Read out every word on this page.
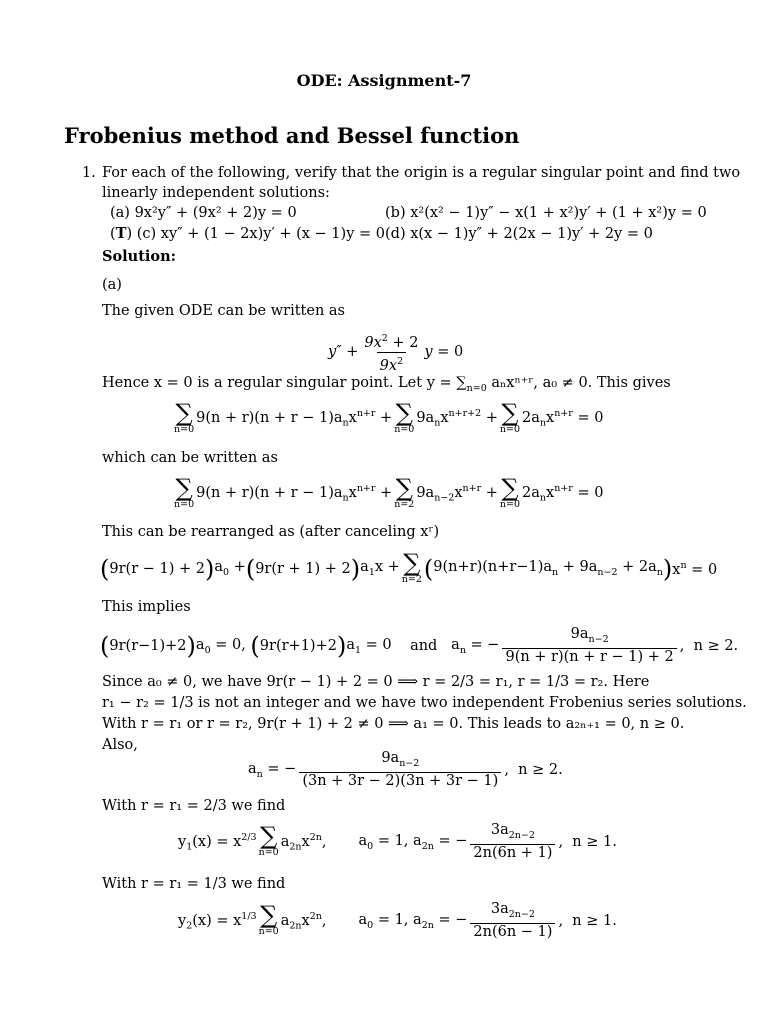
ODE: Assignment-7
Frobenius method and Bessel function
1. For each of the following, verify that the origin is a regular singular point and find two
linearly independent solutions:
(a) 9x²y″ + (9x² + 2)y = 0	(b) x²(x² − 1)y″ − x(1 + x²)y′ + (1 + x²)y = 0
(T) (c) xy″ + (1 − 2x)y′ + (x − 1)y = 0 (d) x(x − 1)y″ + 2(2x − 1)y′ + 2y = 0
Solution:
(a)
The given ODE can be written as
$y'' + \frac{9x^2 + 2}{9x^2}$ y = 0
Hence x = 0 is a regular singular point. Let $y = \sum_{n=0}$ aₙxⁿ⁺ʳ, a₀ ≠ 0. This gives
∑
n=0
$9(n + r)(n + r - 1)a_nx^{n+r}$ + ∑
n=0
$9a_nx^{n+r+2}$ + ∑
n=0
$2a_nx^{n+r} = 0$
which can be written as
∑
n=0
$9(n + r)(n + r - 1)a_nx^{n+r}$ + ∑
n=2
$9a_{n-2}x^{n+r}$ + ∑
n=0
$2a_nx^{n+r} = 0$
This can be rearranged as (after canceling xʳ)
( 9r(r − 1) + 2 ) $a_0$ + ( 9r(r + 1) + 2 ) $a_1x$ + ∑
n=2 ( $9(n+r)(n+r-1)a_n + 9a_{n-2} + 2a_n$ ) $x^n = 0$
This implies
( 9r(r−1)+2 ) $a_0 = 0$, ( 9r(r+1)+2 ) $a_1 = 0$ and $a_n$ = − $\frac{9a_{n-2}}{9(n + r)(n + r - 1) + 2}$ ,  n ≥ 2.
Since a₀ ≠ 0, we have 9r(r − 1) + 2 = 0 ⟹ r = 2/3 = r₁, r = 1/3 = r₂. Here
r₁ − r₂ = 1/3 is not an integer and we have two independent Frobenius series solutions.
With r = r₁ or r = r₂, 9r(r + 1) + 2 ≠ 0 ⟹ a₁ = 0. This leads to a₂ₙ₊₁ = 0, n ≥ 0.
Also,
$a_n$ = − $\frac{9a_{n-2}}{(3n + 3r - 2)(3n + 3r - 1)}$ ,  n ≥ 2.
With r = r₁ = 2/3 we find
$y_1(x) = x^{2/3}$ ∑
n=0
$a_{2n}x^{2n}$, $a_0 = 1$, $a_{2n}$ = − $\frac{3a_{2n-2}}{2n(6n + 1)}$ ,  n ≥ 1.
With r = r₁ = 1/3 we find
$y_2(x) = x^{1/3}$ ∑
n=0
$a_{2n}x^{2n}$, $a_0 = 1$, $a_{2n}$ = − $\frac{3a_{2n-2}}{2n(6n - 1)}$ ,  n ≥ 1.
